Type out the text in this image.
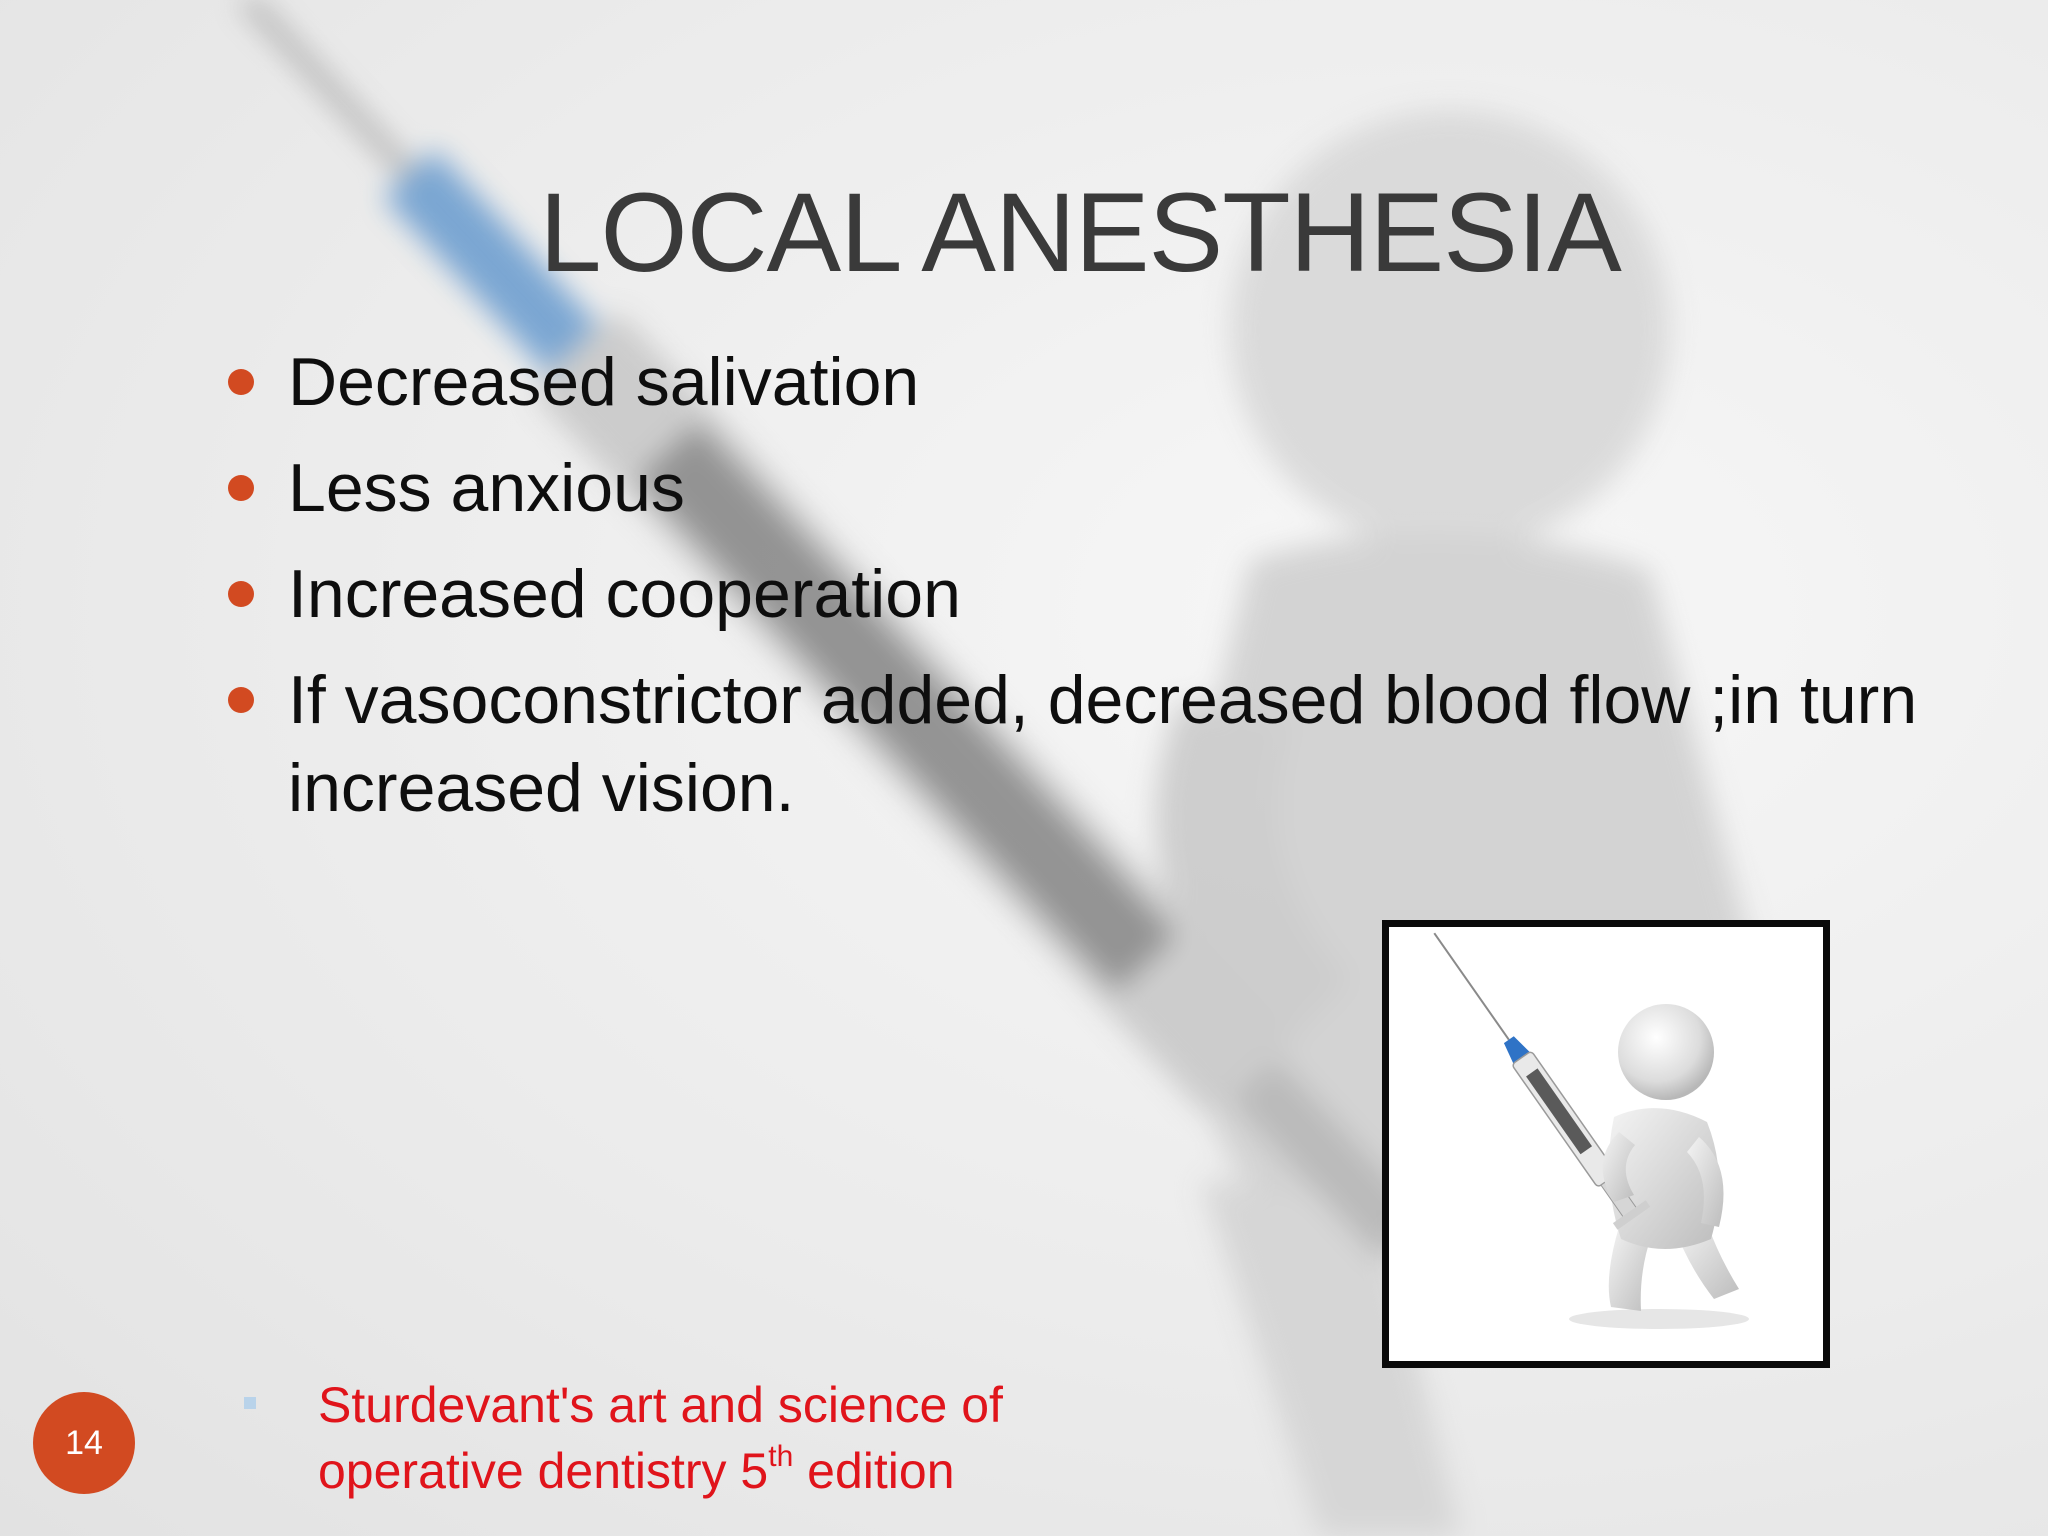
LOCAL ANESTHESIA
Decreased salivation
Less anxious
Increased cooperation
If vasoconstrictor added, decreased blood flow ;in turn increased vision.
14
Sturdevant's art and science of
operative dentistry 5th edition
